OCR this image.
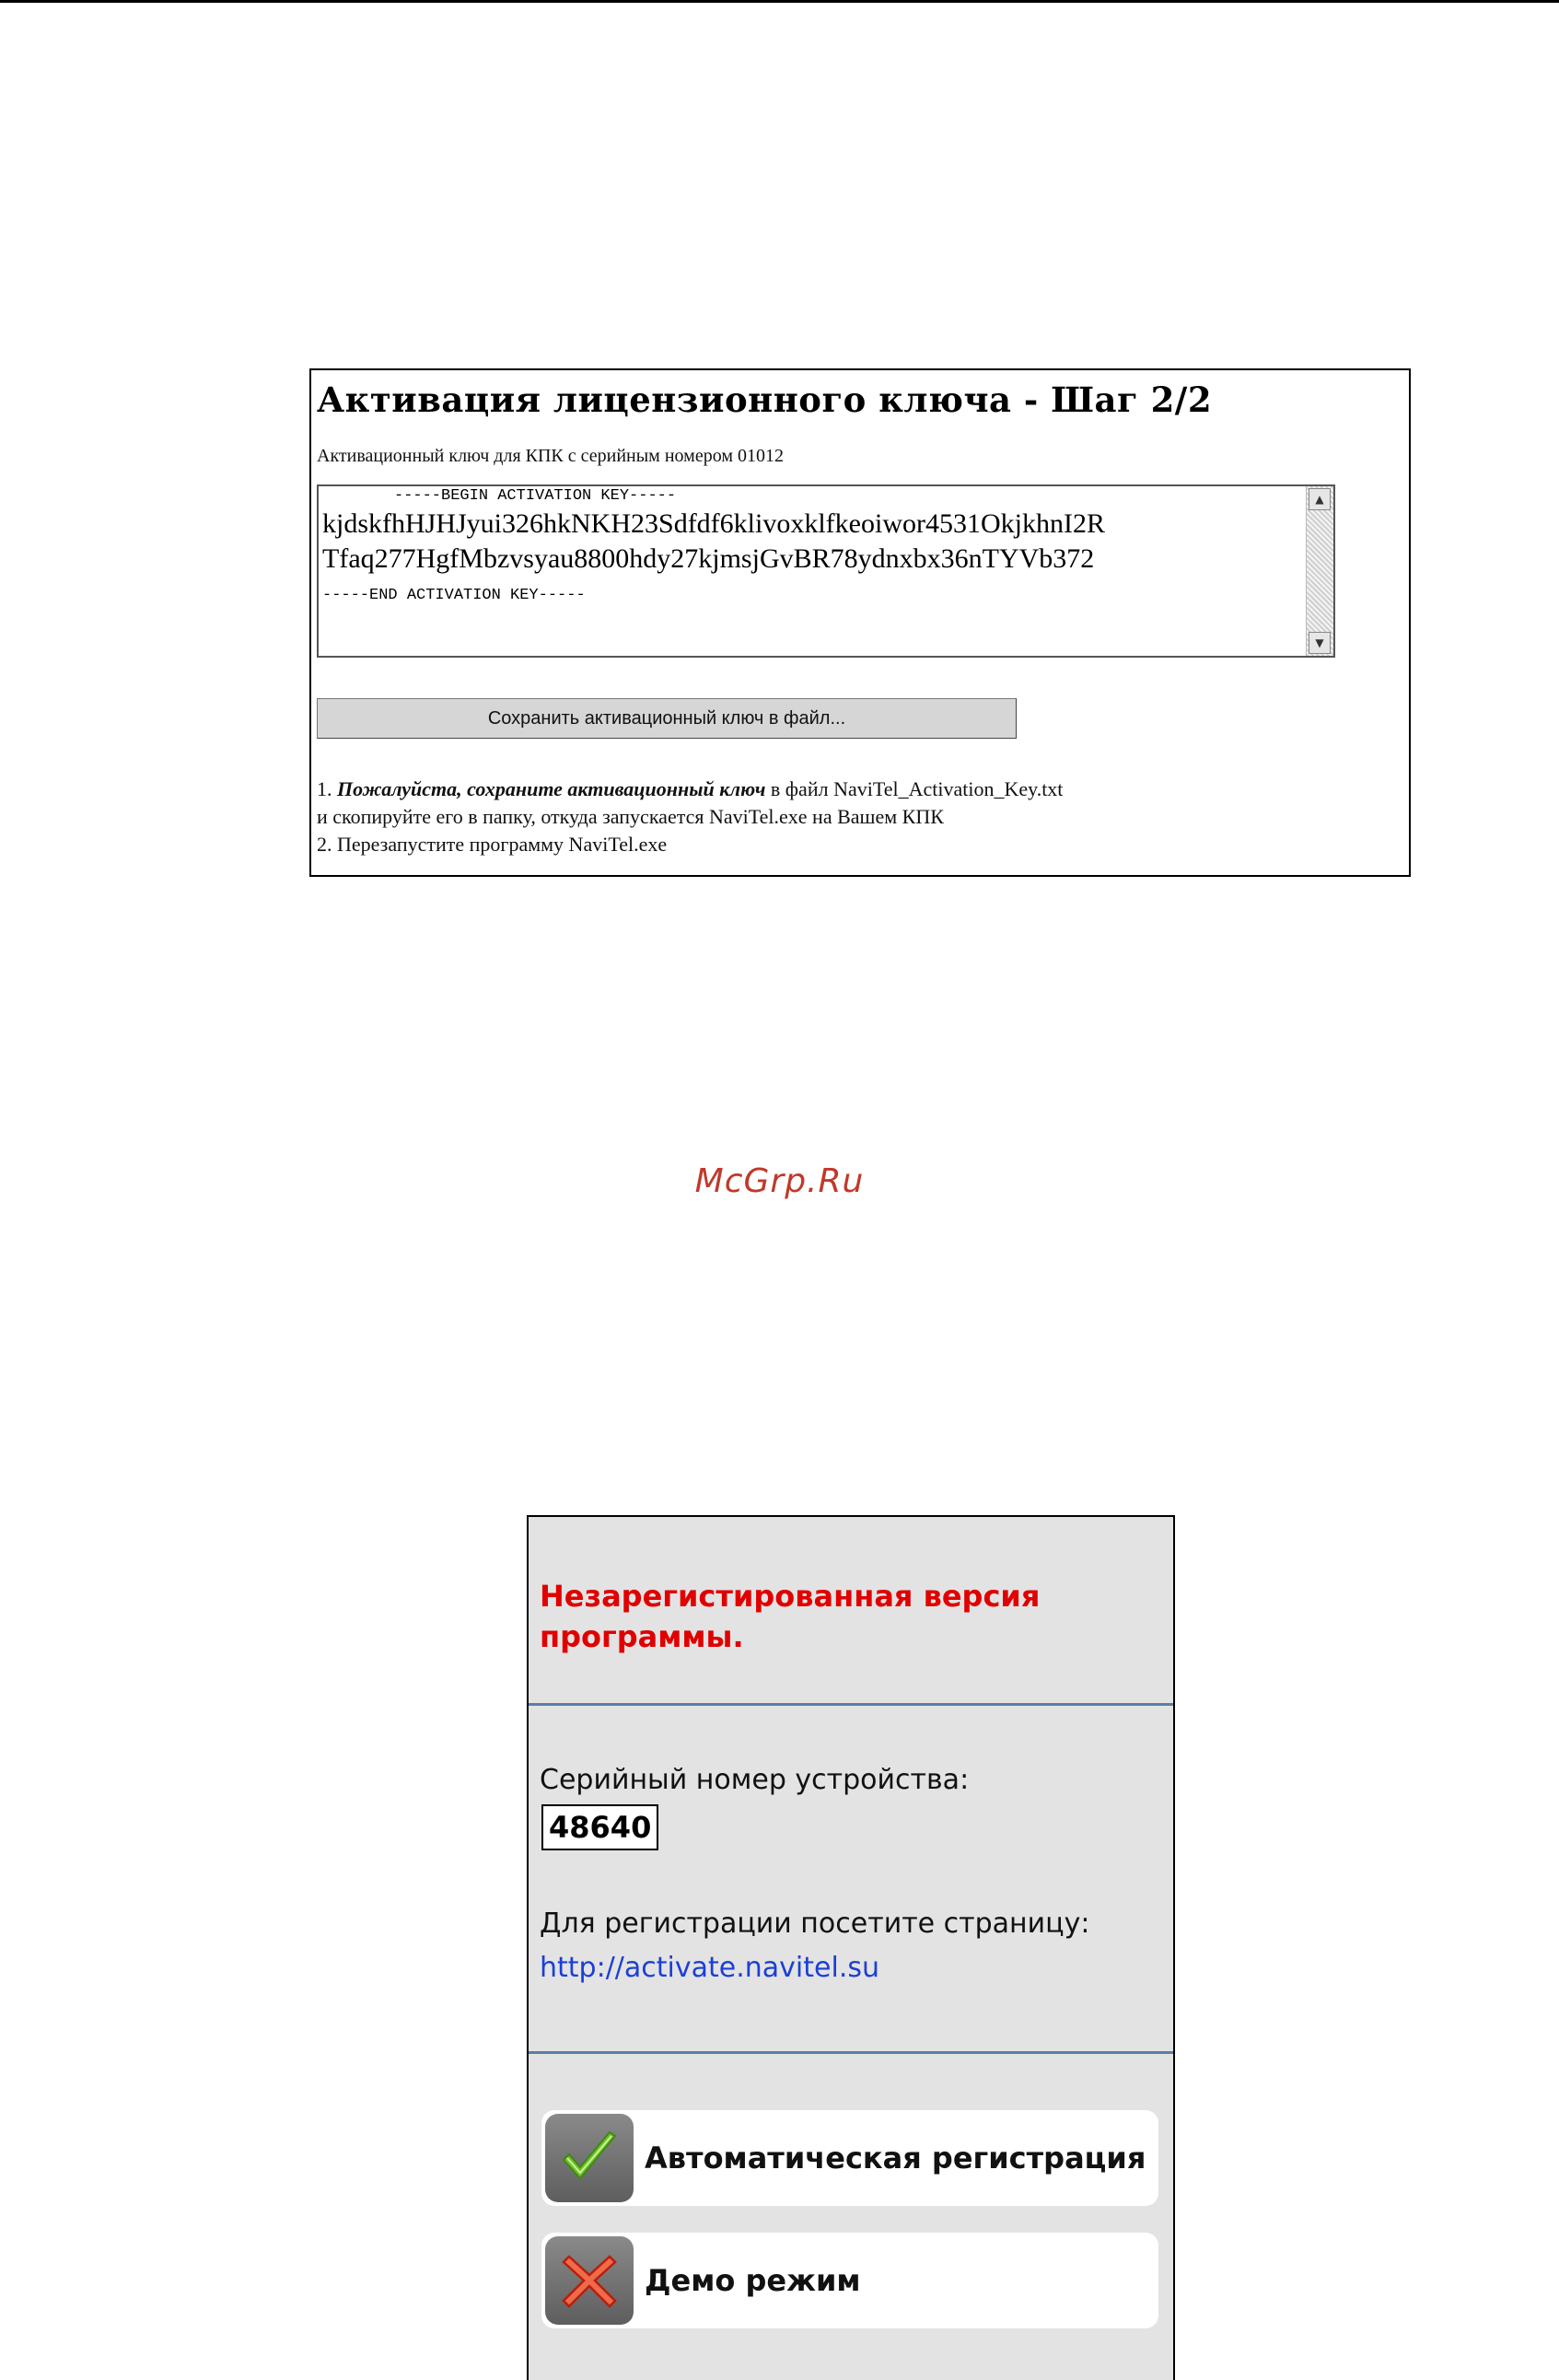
Активация лицензионного ключа - Шаг 2/2
Активационный ключ для КПК с серийным номером 01012
-----BEGIN ACTIVATION KEY-----
kjdskfhHJHJyui326hkNKH23Sdfdf6klivoxklfkeoiwor4531OkjkhnI2R
Tfaq277HgfMbzvsyau8800hdy27kjmsjGvBR78ydnxbx36nTYVb372
-----END ACTIVATION KEY-----
▲
▼
Сохранить активационный ключ в файл...
1. Пожалуйста, сохраните активационный ключ в файл NaviTel_Activation_Key.txt
и скопируйте его в папку, откуда запускается NaviTel.exe на Вашем КПК
2. Перезапустите программу NaviTel.exe
McGrp.Ru
Незарегистированная версия программы.
Серийный номер устройства:
48640
Для регистрации посетите страницу:
http://activate.navitel.su
Автоматическая регистрация
Демо режим
